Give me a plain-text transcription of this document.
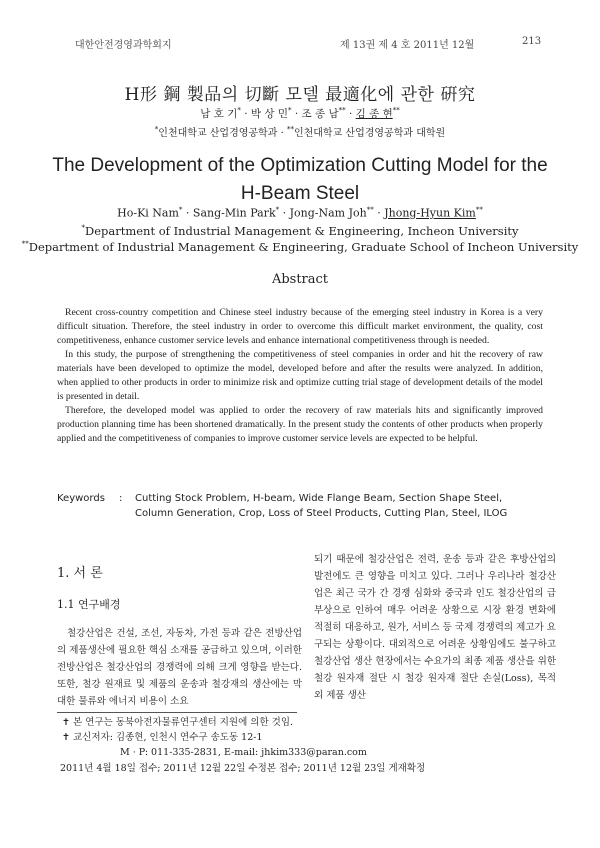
대한안전경영과학회지	제 13권 제 4 호 2011년 12월	213
H形 鋼 製品의 切斷 모델 最適化에 관한 硏究
남 호 기* · 박 상 민* · 조 종 남** · 김 종 현**
*인천대학교 산업경영공학과 · **인천대학교 산업경영공학과 대학원
The Development of the Optimization Cutting Model for the
H-Beam Steel
Ho-Ki Nam* · Sang-Min Park* · Jong-Nam Joh** · Jhong-Hyun Kim**
*Department of Industrial Management & Engineering, Incheon University
**Department of Industrial Management & Engineering, Graduate School of Incheon University
Abstract

Recent cross-country competition and Chinese steel industry because of the emerging steel industry in Korea is a very difficult situation. Therefore, the steel industry in order to overcome this difficult market environment, the quality, cost competitiveness, enhance customer service levels and enhance international competitiveness through is needed.

In this study, the purpose of strengthening the competitiveness of steel companies in order and hit the recovery of raw materials have been developed to optimize the model, developed before and after the results were analyzed. In addition, when applied to other products in order to minimize risk and optimize cutting trial stage of development details of the model is presented in detail.

Therefore, the developed model was applied to order the recovery of raw materials hits and significantly improved production planning time has been shortened dramatically. In the present study the contents of other products when properly applied and the competitiveness of companies to improve customer service levels are expected to be helpful.

Keywords : Cutting Stock Problem, H-beam, Wide Flange Beam, Section Shape Steel, Column Generation, Crop, Loss of Steel Products, Cutting Plan, Steel, ILOG
1. 서 론
1.1 연구배경

철강산업은 건설, 조선, 자동차, 가전 등과 같은 전방산업의 제품생산에 필요한 핵심 소재를 공급하고 있으며, 이러한 전방산업은 철강산업의 경쟁력에 의해 크게 영향을 받는다. 또한, 철강 원재료 및 제품의 운송과 철강재의 생산에는 막대한 물류와 에너지 비용이 소요

되기 때문에 철강산업은 전력, 운송 등과 같은 후방산업의 발전에도 큰 영향을 미치고 있다. 그러나 우리나라 철강산업은 최근 국가 간 경쟁 심화와 중국과 인도 철강산업의 급부상으로 인하여 매우 어려운 상황으로 시장 환경 변화에 적절히 대응하고, 원가, 서비스 등 국제 경쟁력의 제고가 요구되는 상황이다. 대외적으로 어려운 상황임에도 불구하고 철강산업 생산 현장에서는 수요가의 최종 제품 생산을 위한 철강 원자재 절단 시 철강 원자재 절단 손실(Loss), 목적 외 제품 생산

✝ 본 연구는 동북아전자물류연구센터 지원에 의한 것임.
✝ 교신저자: 김종현, 인천시 연수구 송도동 12-1
M · P: 011-335-2831, E-mail: jhkim333@paran.com
2011년 4월 18일 접수; 2011년 12월 22일 수정본 접수; 2011년 12월 23일 게재확정
